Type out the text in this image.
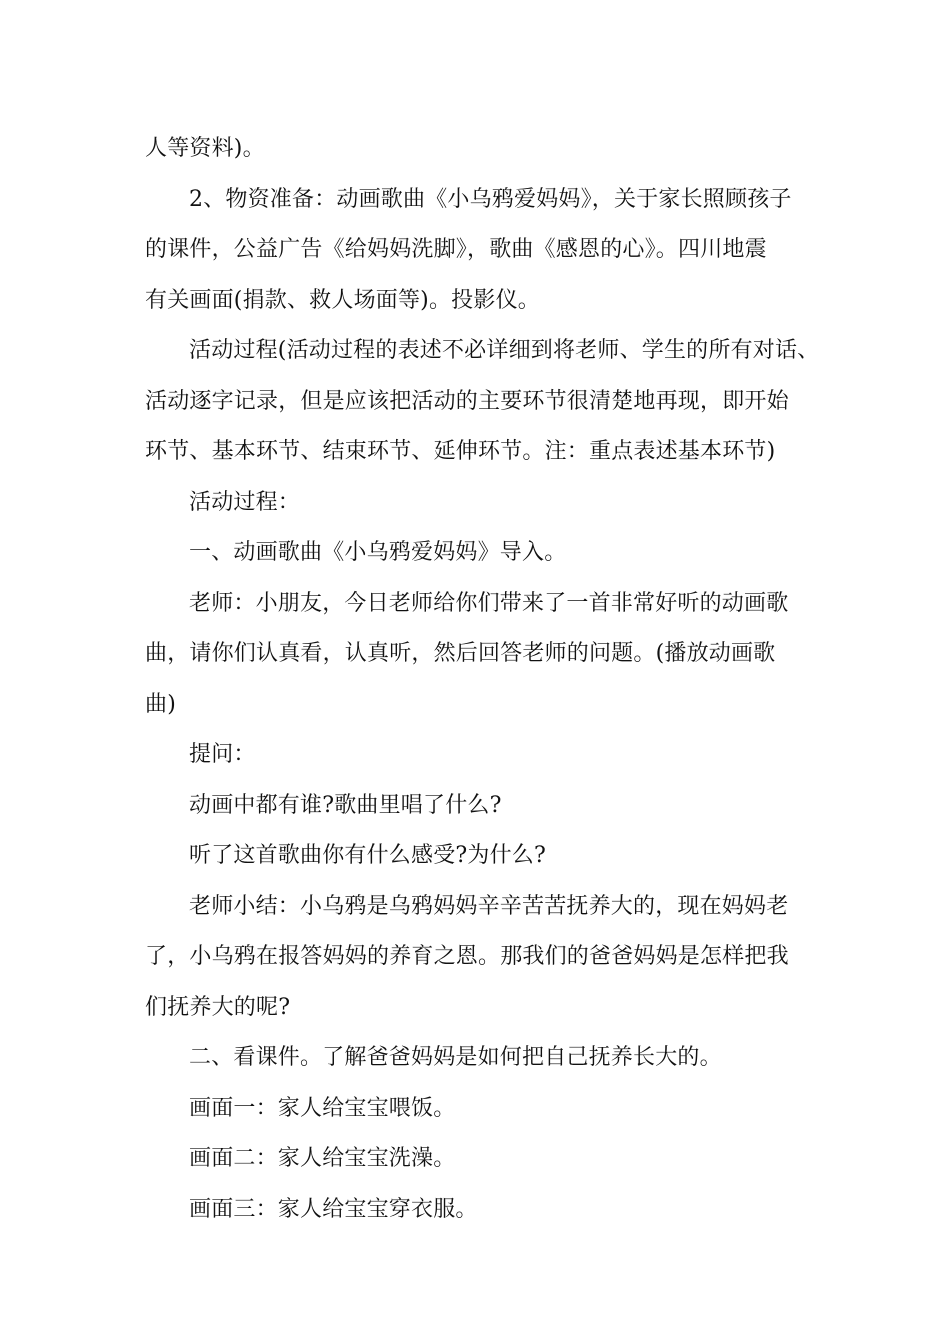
人等资料)。
2、物资准备：动画歌曲《小乌鸦爱妈妈》，关于家长照顾孩子
的课件，公益广告《给妈妈洗脚》，歌曲《感恩的心》。四川地震
有关画面(捐款、救人场面等)。投影仪。
活动过程(活动过程的表述不必详细到将老师、学生的所有对话、
活动逐字记录，但是应该把活动的主要环节很清楚地再现，即开始
环节、基本环节、结束环节、延伸环节。注：重点表述基本环节)
活动过程：
一、动画歌曲《小乌鸦爱妈妈》导入。
老师：小朋友，今日老师给你们带来了一首非常好听的动画歌
曲，请你们认真看，认真听，然后回答老师的问题。(播放动画歌
曲)
提问：
动画中都有谁?歌曲里唱了什么?
听了这首歌曲你有什么感受?为什么?
老师小结：小乌鸦是乌鸦妈妈辛辛苦苦抚养大的，现在妈妈老
了，小乌鸦在报答妈妈的养育之恩。那我们的爸爸妈妈是怎样把我
们抚养大的呢?
二、看课件。了解爸爸妈妈是如何把自己抚养长大的。
画面一：家人给宝宝喂饭。
画面二：家人给宝宝洗澡。
画面三：家人给宝宝穿衣服。
